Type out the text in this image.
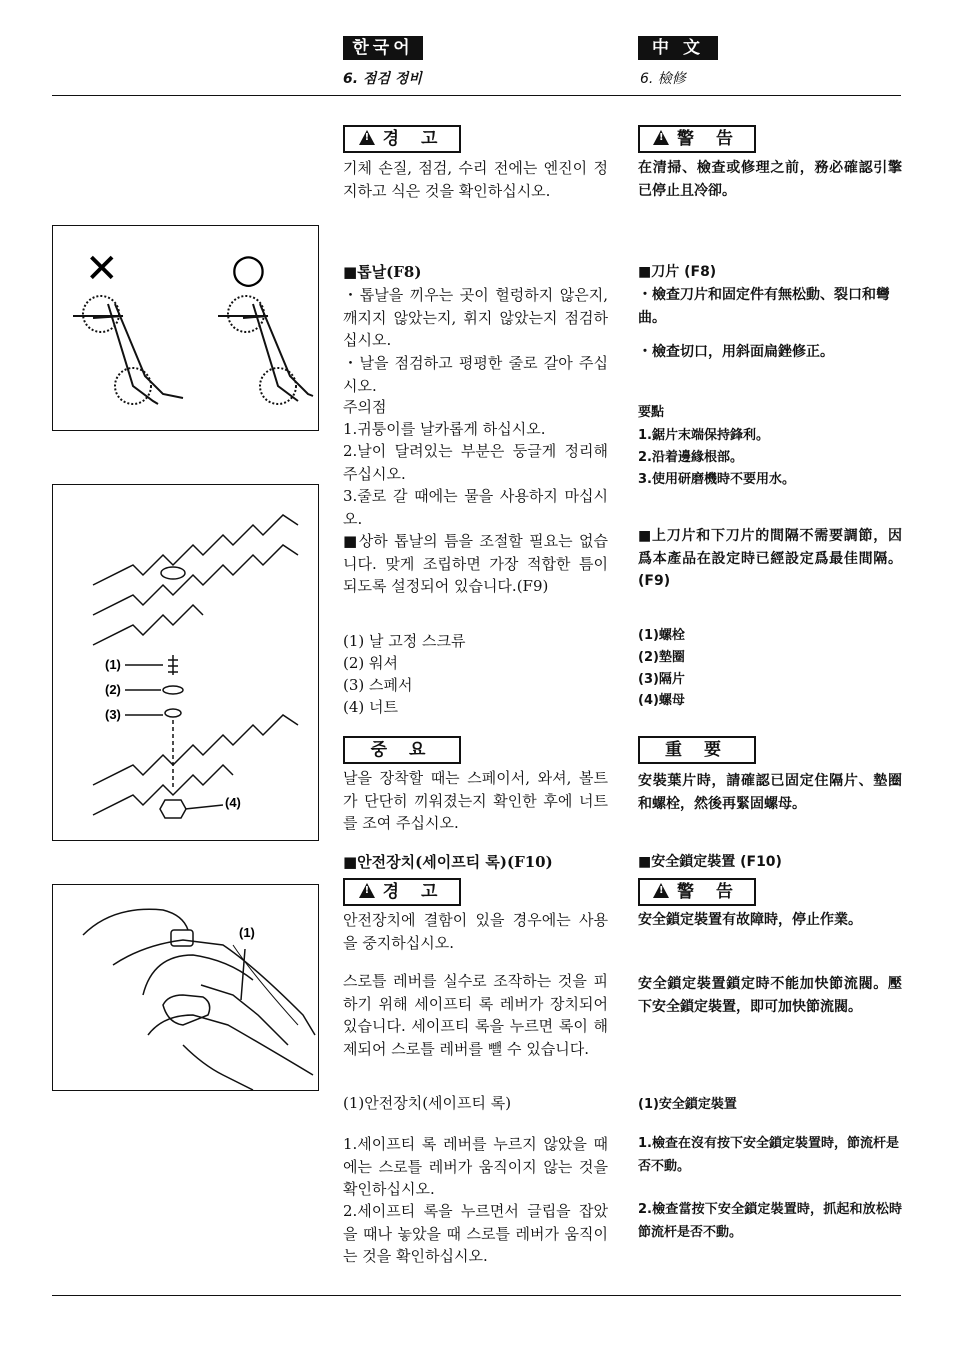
한국어	中 文
6. 점검 정비	6. 檢修
!경 고 !	警 告
기체 손질, 점검, 수리 전에는 엔진이 정지하고 식은 것을 확인하십시오.
在清掃、檢查或修理之前，務必確認引擎已停止且冷卻。
✕	○	■톱날(F8)	■刀片 (F8)
・톱날을 끼우는 곳이 헐렁하지 않은지, 깨지지 않았는지, 휘지 않았는지 점검하십시오.
・날을 점검하고 평평한 줄로 갈아 주십시오.
・檢查刀片和固定件有無松動、裂口和彎曲。
・檢查切口，用斜面扁銼修正。
주의점	要點
1.귀퉁이를 날카롭게 하십시오.
2.날이 달려있는 부분은 둥글게 정리해 주십시오.
3.줄로 갈 때에는 물을 사용하지 마십시오.
1.鋸片末端保持鋒利。
2.沿着邊緣根部。
3.使用研磨機時不要用水。
■상하 톱날의 틈을 조절할 필요는 없습니다. 맞게 조립하면 가장 적합한 틈이 되도록 설정되어 있습니다.(F9)
■上刀片和下刀片的間隔不需要調節，因爲本產品在設定時已經設定爲最佳間隔。 (F9)
(1) 날 고정 스크류
(2) 워셔
(3) 스페서
(4) 너트
(1)螺栓
(2)墊圈
(3)隔片
(4)螺母
(1)
(2)
(3)
(4)
중 요	重 要
날을 장착할 때는 스페이서, 와셔, 볼트가 단단히 끼워졌는지 확인한 후에 너트를 조여 주십시오.
安裝葉片時，請確認已固定住隔片、墊圈和螺栓，然後再緊固螺母。
■안전장치(세이프티 록)(F10)	■安全鎖定裝置 (F10)
!경 고 !	警 告
안전장치에 결함이 있을 경우에는 사용을 중지하십시오.
安全鎖定裝置有故障時，停止作業。
스로틀 레버를 실수로 조작하는 것을 피하기 위해 세이프티 록 레버가 장치되어 있습니다. 세이프티 록을 누르면 록이 해제되어 스로틀 레버를 뺄 수 있습니다.
安全鎖定裝置鎖定時不能加快節流閥。壓下安全鎖定裝置，即可加快節流閥。
(1)안전장치(세이프티 록)	(1)安全鎖定裝置
1.세이프티 록 레버를 누르지 않았을 때에는 스로틀 레버가 움직이지 않는 것을 확인하십시오.
2.세이프티 록을 누르면서 글립을 잡았을 때나 놓았을 때 스로틀 레버가 움직이는 것을 확인하십시오.
1.檢查在沒有按下安全鎖定裝置時，節流杆是否不動。
2.檢查當按下安全鎖定裝置時，抓起和放松時節流杆是否不動。
(1)
